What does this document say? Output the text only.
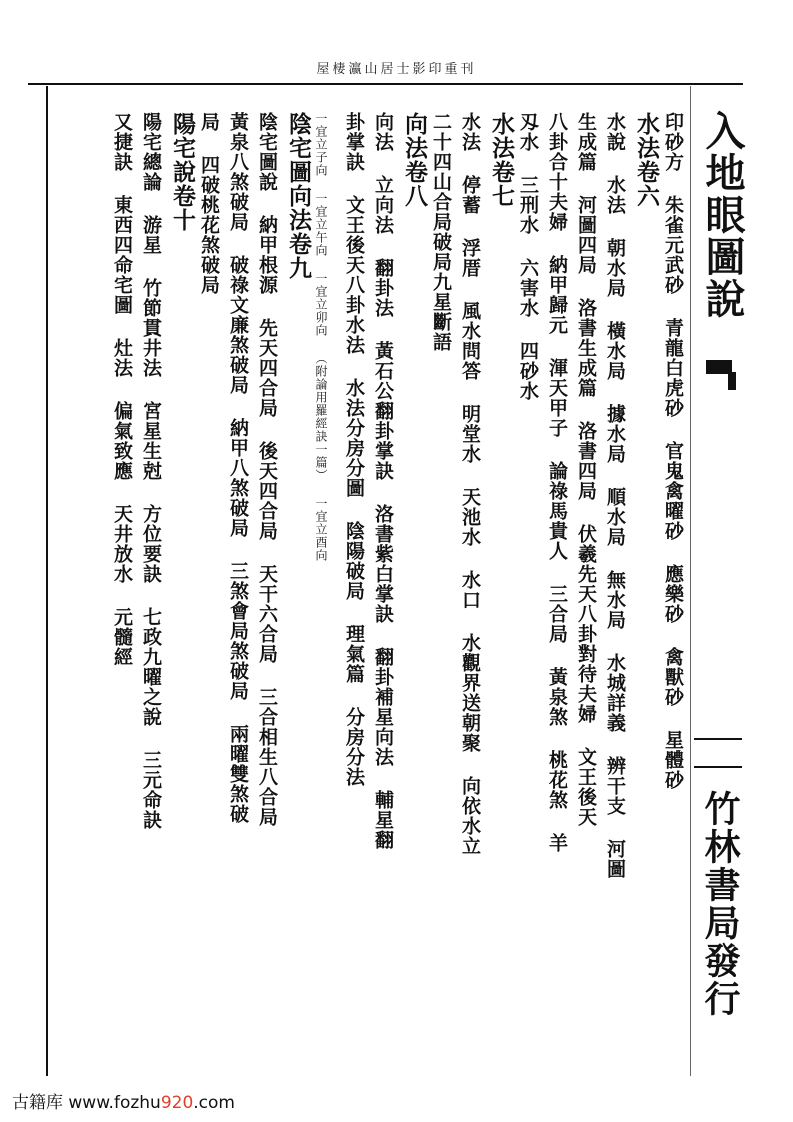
屋棲瀛山居士影印重刊
入地眼圖說
竹林書局發行
印砂方 朱雀元武砂 青龍白虎砂 官鬼禽曜砂 應樂砂 禽獸砂 星體砂
水法卷六
水說 水法 朝水局 橫水局 據水局 順水局 無水局 水城詳義 辨干支 河圖
生成篇 河圖四局 洛書生成篇 洛書四局 伏羲先天八卦對待夫婦 文王後天
八卦合十夫婦 納甲歸元 渾天甲子 論祿馬貴人 三合局 黃泉煞 桃花煞 羊
刄水 三刑水 六害水 四砂水
水法卷七
水法 停蓄 浮厝 風水問答 明堂水 天池水 水口 水觀界送朝聚 向依水立
二十四山合局破局九星斷語
向法卷八
向法 立向法 翻卦法 黃石公翻卦掌訣 洛書紫白掌訣 翻卦補星向法 輔星翻
卦掌訣 文王後天八卦水法 水法分房分圖 陰陽破局 理氣篇 分房分法
一宜立子向 一宜立午向 一宜立卯向 （附論用羅經訣一篇） 一宜立酉向
陰宅圖向法卷九
陰宅圖說 納甲根源 先天四合局 後天四合局 天干六合局 三合相生八合局
黃泉八煞破局 破祿文廉煞破局 納甲八煞破局 三煞會局煞破局 兩曜雙煞破
局 四破桃花煞破局
陽宅說卷十
陽宅總論 游星 竹節貫井法 宮星生尅 方位要訣 七政九曜之說 三元命訣
又捷訣 東西四命宅圖 灶法 偏氣致應 天井放水 元髓經
古籍库 www.fozhu920.com
